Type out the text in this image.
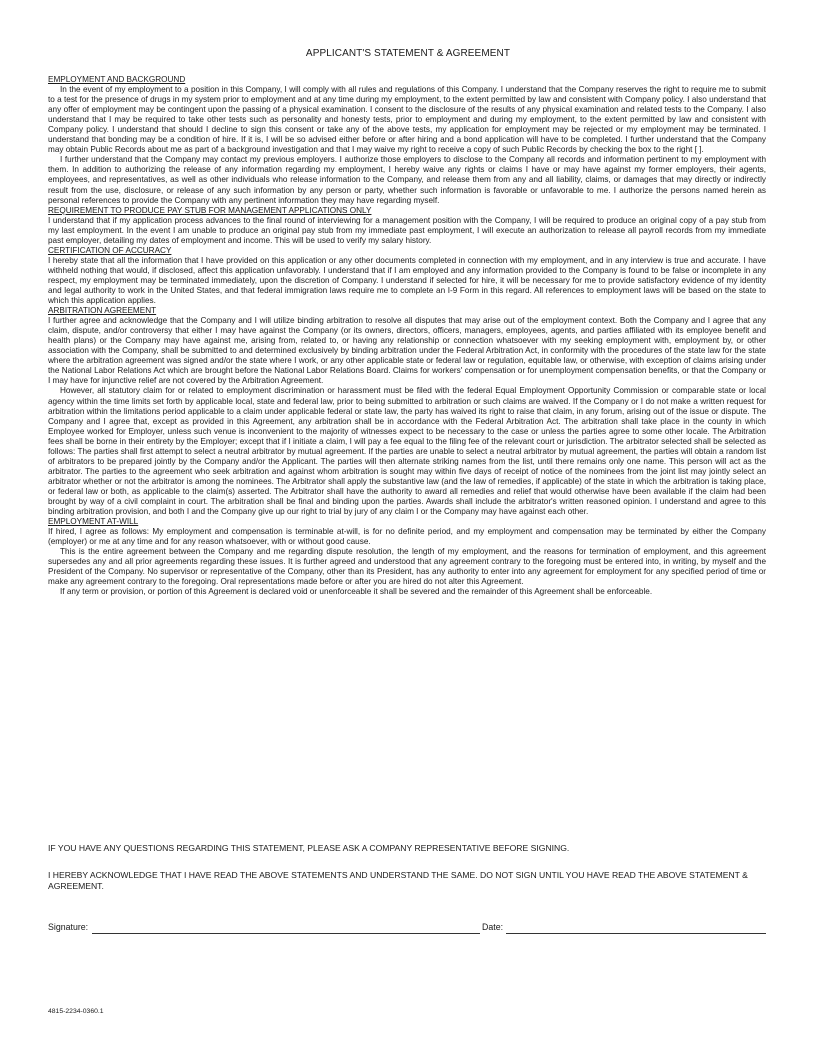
APPLICANT'S STATEMENT & AGREEMENT

EMPLOYMENT AND BACKGROUND

In the event of my employment to a position in this Company, I will comply with all rules and regulations of this Company. I understand that the Company reserves the right to require me to submit to a test for the presence of drugs in my system prior to employment and at any time during my employment, to the extent permitted by law and consistent with Company policy. I also understand that any offer of employment may be contingent upon the passing of a physical examination. I consent to the disclosure of the results of any physical examination and related tests to the Company. I also understand that I may be required to take other tests such as personality and honesty tests, prior to employment and during my employment, to the extent permitted by law and consistent with Company policy. I understand that should I decline to sign this consent or take any of the above tests, my application for employment may be rejected or my employment may be terminated. I understand that bonding may be a condition of hire. If it is, I will be so advised either before or after hiring and a bond application will have to be completed. I further understand that the Company may obtain Public Records about me as part of a background investigation and that I may waive my right to receive a copy of such Public Records by checking the box to the right [ ].

I further understand that the Company may contact my previous employers. I authorize those employers to disclose to the Company all records and information pertinent to my employment with them. In addition to authorizing the release of any information regarding my employment, I hereby waive any rights or claims I have or may have against my former employers, their agents, employees, and representatives, as well as other individuals who release information to the Company, and release them from any and all liability, claims, or damages that may directly or indirectly result from the use, disclosure, or release of any such information by any person or party, whether such information is favorable or unfavorable to me. I authorize the persons named herein as personal references to provide the Company with any pertinent information they may have regarding myself.

REQUIREMENT TO PRODUCE PAY STUB FOR MANAGEMENT APPLICATIONS ONLY

I understand that if my application process advances to the final round of interviewing for a management position with the Company, I will be required to produce an original copy of a pay stub from my last employment. In the event I am unable to produce an original pay stub from my immediate past employment, I will execute an authorization to release all payroll records from my immediate past employer, detailing my dates of employment and income. This will be used to verify my salary history.

CERTIFICATION OF ACCURACY

I hereby state that all the information that I have provided on this application or any other documents completed in connection with my employment, and in any interview is true and accurate. I have withheld nothing that would, if disclosed, affect this application unfavorably. I understand that if I am employed and any information provided to the Company is found to be false or incomplete in any respect, my employment may be terminated immediately, upon the discretion of Company. I understand if selected for hire, it will be necessary for me to provide satisfactory evidence of my identity and legal authority to work in the United States, and that federal immigration laws require me to complete an I-9 Form in this regard. All references to employment laws will be based on the state to which this application applies.

ARBITRATION AGREEMENT

I further agree and acknowledge that the Company and I will utilize binding arbitration to resolve all disputes that may arise out of the employment context. Both the Company and I agree that any claim, dispute, and/or controversy that either I may have against the Company (or its owners, directors, officers, managers, employees, agents, and parties affiliated with its employee benefit and health plans) or the Company may have against me, arising from, related to, or having any relationship or connection whatsoever with my seeking employment with, employment by, or other association with the Company, shall be submitted to and determined exclusively by binding arbitration under the Federal Arbitration Act, in conformity with the procedures of the state law for the state where the arbitration agreement was signed and/or the state where I work, or any other applicable state or federal law or regulation, equitable law, or otherwise, with exception of claims arising under the National Labor Relations Act which are brought before the National Labor Relations Board. Claims for workers' compensation or for unemployment compensation benefits, or that the Company or I may have for injunctive relief are not covered by the Arbitration Agreement.

However, all statutory claim for or related to employment discrimination or harassment must be filed with the federal Equal Employment Opportunity Commission or comparable state or local agency within the time limits set forth by applicable local, state and federal law, prior to being submitted to arbitration or such claims are waived. If the Company or I do not make a written request for arbitration within the limitations period applicable to a claim under applicable federal or state law, the party has waived its right to raise that claim, in any forum, arising out of the issue or dispute. The Company and I agree that, except as provided in this Agreement, any arbitration shall be in accordance with the Federal Arbitration Act. The arbitration shall take place in the county in which Employee worked for Employer, unless such venue is inconvenient to the majority of witnesses expect to be necessary to the case or unless the parties agree to some other locale. The Arbitration fees shall be borne in their entirety by the Employer; except that if I initiate a claim, I will pay a fee equal to the filing fee of the relevant court or jurisdiction. The arbitrator selected shall be selected as follows: The parties shall first attempt to select a neutral arbitrator by mutual agreement. If the parties are unable to select a neutral arbitrator by mutual agreement, the parties will obtain a random list of arbitrators to be prepared jointly by the Company and/or the Applicant. The parties will then alternate striking names from the list, until there remains only one name. This person will act as the arbitrator. The parties to the agreement who seek arbitration and against whom arbitration is sought may within five days of receipt of notice of the nominees from the joint list may jointly select an arbitrator whether or not the arbitrator is among the nominees. The Arbitrator shall apply the substantive law (and the law of remedies, if applicable) of the state in which the arbitration is taking place, or federal law or both, as applicable to the claim(s) asserted. The Arbitrator shall have the authority to award all remedies and relief that would otherwise have been available if the claim had been brought by way of a civil complaint in court. The arbitration shall be final and binding upon the parties. Awards shall include the arbitrator's written reasoned opinion. I understand and agree to this binding arbitration provision, and both I and the Company give up our right to trial by jury of any claim I or the Company may have against each other.

EMPLOYMENT AT-WILL

If hired, I agree as follows: My employment and compensation is terminable at-will, is for no definite period, and my employment and compensation may be terminated by either the Company (employer) or me at any time and for any reason whatsoever, with or without good cause.

This is the entire agreement between the Company and me regarding dispute resolution, the length of my employment, and the reasons for termination of employment, and this agreement supersedes any and all prior agreements regarding these issues. It is further agreed and understood that any agreement contrary to the foregoing must be entered into, in writing, by myself and the President of the Company. No supervisor or representative of the Company, other than its President, has any authority to enter into any agreement for employment for any specified period of time or make any agreement contrary to the foregoing. Oral representations made before or after you are hired do not alter this Agreement.

If any term or provision, or portion of this Agreement is declared void or unenforceable it shall be severed and the remainder of this Agreement shall be enforceable.

IF YOU HAVE ANY QUESTIONS REGARDING THIS STATEMENT, PLEASE ASK A COMPANY REPRESENTATIVE BEFORE SIGNING.
I HEREBY ACKNOWLEDGE THAT I HAVE READ THE ABOVE STATEMENTS AND UNDERSTAND THE SAME. DO NOT SIGN UNTIL YOU HAVE READ THE ABOVE STATEMENT & AGREEMENT.
Signature:	Date:
4815-2234-0360.1
